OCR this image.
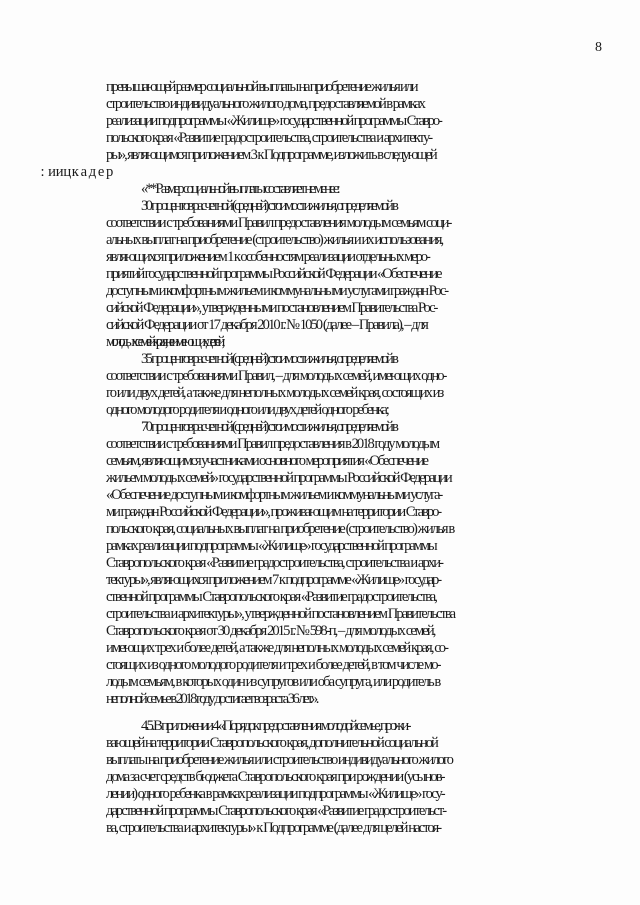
8
превышающей размер социальной выплаты на приобретение жилья или
строительство индивидуального жилого дома, предоставляемой в рамках
реализации подпрограммы «Жилище» государственной программы Ставро-
польского края «Развитие градостроительства, строительства и архитекту-
ры», являющимся приложением 3 к Подпрограмме, изложить в следующей
«** Размер социальной выплаты составляет не менее:
30 процентов расчетной (средней) стоимости жилья, определяемой в
соответствии с требованиями Правил предоставления молодым семьям соци-
альных выплат на приобретение (строительство) жилья и их использования,
являющихся приложением 1 к особенностям реализации отдельных меро-
приятий государственной программы Российской Федерации «Обеспечение
доступным и комфортным жильем и коммунальными услугами граждан Рос-
сийской Федерации», утвержденными постановлением Правительства Рос-
сийской Федерации от 17 декабря 2010 г. № 1050 (далее – Правила), – для
молодых семей края, не имеющих детей;
35 процентов расчетной (средней) стоимости жилья, определяемой в
соответствии с требованиями Правил, – для молодых семей, имеющих одно-
го или двух детей, а также для неполных молодых семей края, состоящих из
одного молодого родителя и одного или двух детей одного ребенка;
70 процентов расчетной (средней) стоимости жилья, определяемой в
соответствии с требованиями Правил предоставления в 2018 году молодым
семьям, являющимся участниками основного мероприятия «Обеспечение
жильем молодых семей» государственной программы Российской Федерации
«Обеспечение доступным и комфортным жильем и коммунальными услуга-
ми граждан Российской Федерации», проживающим на территории Ставро-
польского края, социальных выплат на приобретение (строительство) жилья в
рамках реализации подпрограммы «Жилище» государственной программы
Ставропольского края «Развитие градостроительства, строительства и архи-
тектуры», являющихся приложением 7 к подпрограмме «Жилище» государ-
ственной программы Ставропольского края «Развитие градостроительства,
строительства и архитектуры», утвержденной постановлением Правительства
Ставропольского края от 30 декабря 2015 г. № 598-п, – для молодых семей,
имеющих трех и более детей, а также для неполных молодых семей края, со-
стоящих из одного молодого родителя и трех и более детей, в том числе мо-
лодым семьям, в которых один из супругов или оба супруга, или родитель в
неполной семье в 2018 году достигает возраста 36 лет.».
4.5. В приложении 4 «Порядок предоставления молодой семье, прожи-
вающей на территории Ставропольского края, дополнительной социальной
выплаты на приобретение жилья или строительство индивидуального жилого
дома за счет средств бюджета Ставропольского края при рождении (усынов-
лении) одного ребенка в рамках реализации подпрограммы «Жилище» госу-
дарственной программы Ставропольского края «Развитие градостроительст-
ва, строительства и архитектуры» к Подпрограмме (далее для целей настоя-
